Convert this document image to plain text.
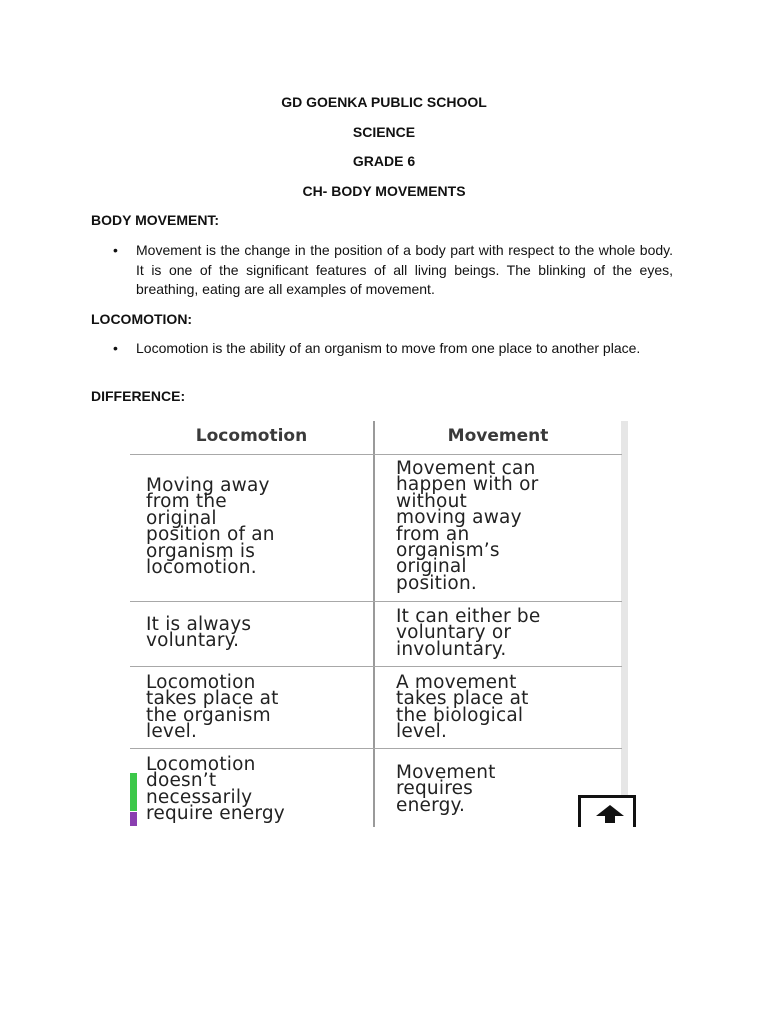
GD GOENKA PUBLIC SCHOOL
SCIENCE
GRADE 6
CH- BODY MOVEMENTS
BODY MOVEMENT:
• Movement is the change in the position of a body part with respect to the whole body. It is one of the significant features of all living beings. The blinking of the eyes, breathing, eating are all examples of movement.
LOCOMOTION:
• Locomotion is the ability of an organism to move from one place to another place.
DIFFERENCE:
Locomotion	Movement
Moving away
from the
original
position of an
organism is
locomotion.
Movement can
happen with or
without
moving away
from an
organism’s
original
position.
It is always
voluntary.
It can either be
voluntary or
involuntary.
Locomotion
takes place at
the organism
level.
A movement
takes place at
the biological
level.
Locomotion
doesn’t
necessarily
require energy
Movement
requires
energy.
